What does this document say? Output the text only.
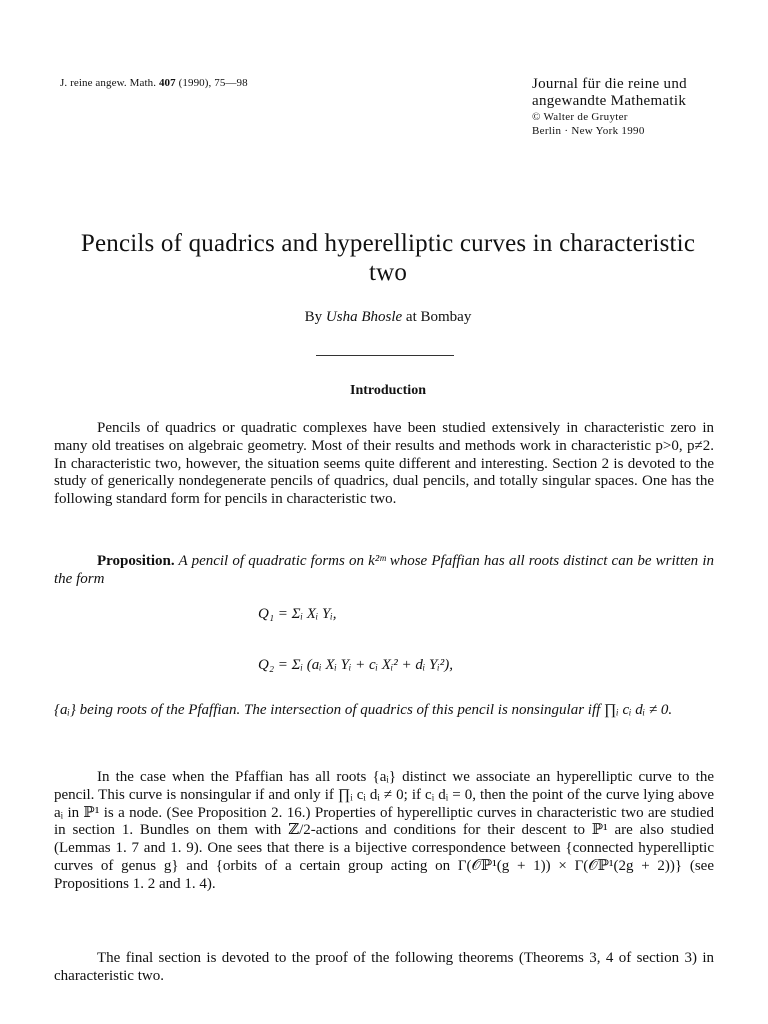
J. reine angew. Math. 407 (1990), 75—98	Journal für die reine und
angewandte Mathematik
© Walter de Gruyter
Berlin · New York 1990
Pencils of quadrics and hyperelliptic curves in characteristic two
By Usha Bhosle at Bombay
Introduction

Pencils of quadrics or quadratic complexes have been studied extensively in characteristic zero in many old treatises on algebraic geometry. Most of their results and methods work in characteristic p>0, p≠2. In characteristic two, however, the situation seems quite different and interesting. Section 2 is devoted to the study of generically nondegenerate pencils of quadrics, dual pencils, and totally singular spaces. One has the following standard form for pencils in characteristic two.

Proposition. A pencil of quadratic forms on k²ᵐ whose Pfaffian has all roots distinct can be written in the form

Q₁ = Σᵢ Xᵢ Yᵢ,
Q₂ = Σᵢ (aᵢ Xᵢ Yᵢ + cᵢ Xᵢ² + dᵢ Yᵢ²),

{aᵢ} being roots of the Pfaffian. The intersection of quadrics of this pencil is nonsingular iff ∏ᵢ cᵢ dᵢ ≠ 0.

In the case when the Pfaffian has all roots {aᵢ} distinct we associate an hyperelliptic curve to the pencil. This curve is nonsingular if and only if ∏ᵢ cᵢ dᵢ ≠ 0; if cᵢ dᵢ = 0, then the point of the curve lying above aᵢ in ℙ¹ is a node. (See Proposition 2. 16.) Properties of hyperelliptic curves in characteristic two are studied in section 1. Bundles on them with ℤ/2-actions and conditions for their descent to ℙ¹ are also studied (Lemmas 1. 7 and 1. 9). One sees that there is a bijective correspondence between {connected hyperelliptic curves of genus g} and {orbits of a certain group acting on Γ(𝒪ℙ¹(g + 1)) × Γ(𝒪ℙ¹(2g + 2))} (see Propositions 1. 2 and 1. 4).

The final section is devoted to the proof of the following theorems (Theorems 3, 4 of section 3) in characteristic two.
